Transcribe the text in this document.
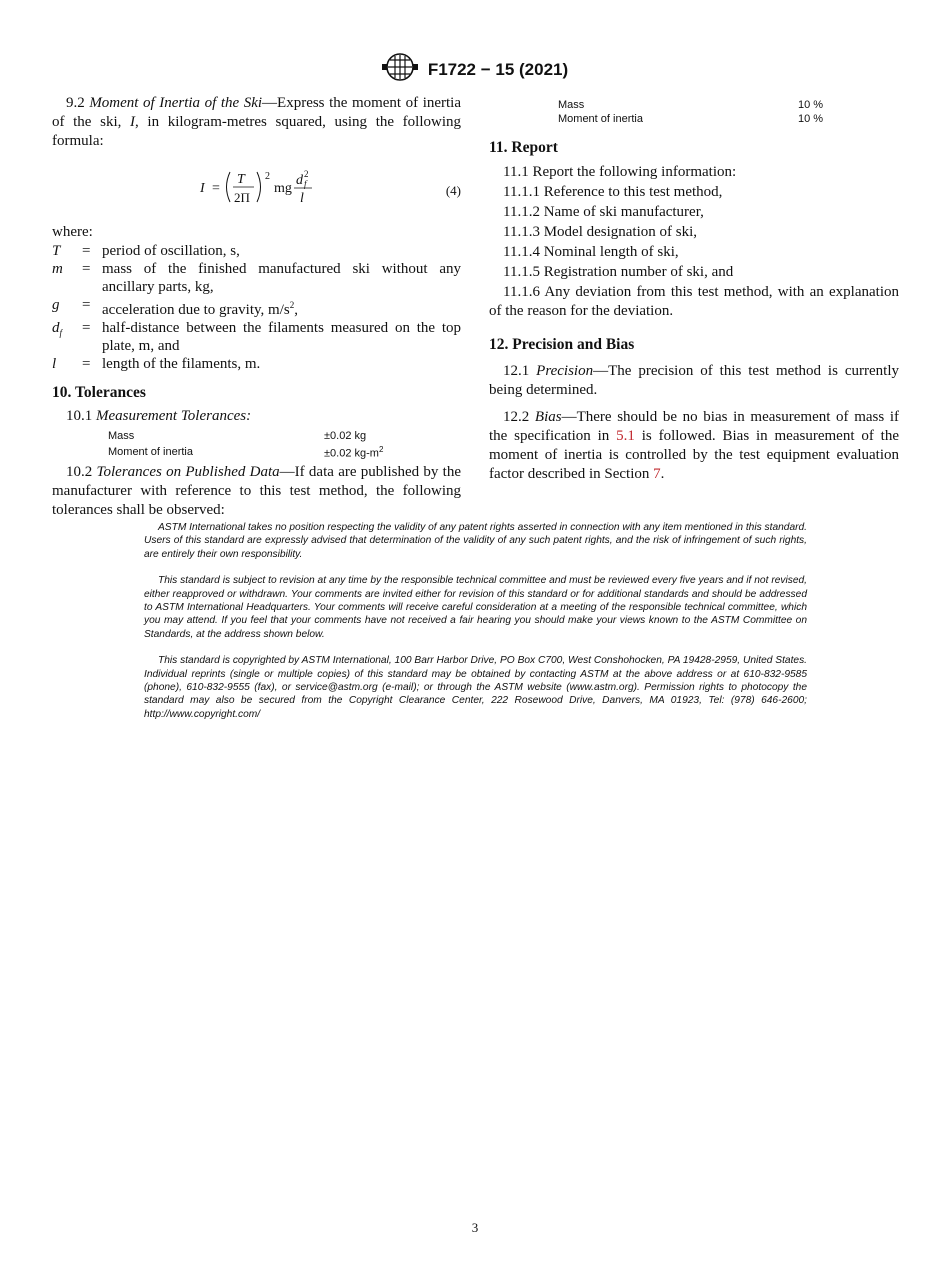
F1722 − 15 (2021)

9.2 Moment of Inertia of the Ski—Express the moment of inertia of the ski, I, in kilogram-metres squared, using the following formula:

I =
T
2Π
2
mg
d f
2
l
(4)
where:
T	=	period of oscillation, s,
m	=	mass of the finished manufactured ski without any ancillary parts, kg,
g	=	acceleration due to gravity, $m/s^2$,
$d_f$	=	half-distance between the filaments measured on the top plate, m, and
l	=	length of the filaments, m.

10. Tolerances

10.1 Measurement Tolerances:

Mass	±0.02 kg
Moment of inertia	±0.02 $kg-m^2$

10.2 Tolerances on Published Data—If data are published by the manufacturer with reference to this test method, the following tolerances shall be observed:

Mass	10 %
Moment of inertia	10 %

11. Report

11.1 Report the following information:

11.1.1 Reference to this test method,

11.1.2 Name of ski manufacturer,

11.1.3 Model designation of ski,

11.1.4 Nominal length of ski,

11.1.5 Registration number of ski, and

11.1.6 Any deviation from this test method, with an explanation of the reason for the deviation.

12. Precision and Bias

12.1 Precision—The precision of this test method is currently being determined.

12.2 Bias—There should be no bias in measurement of mass if the specification in 5.1 is followed. Bias in measurement of the moment of inertia is controlled by the test equipment evaluation factor described in Section 7.

ASTM International takes no position respecting the validity of any patent rights asserted in connection with any item mentioned in this standard. Users of this standard are expressly advised that determination of the validity of any such patent rights, and the risk of infringement of such rights, are entirely their own responsibility.

This standard is subject to revision at any time by the responsible technical committee and must be reviewed every five years and if not revised, either reapproved or withdrawn. Your comments are invited either for revision of this standard or for additional standards and should be addressed to ASTM International Headquarters. Your comments will receive careful consideration at a meeting of the responsible technical committee, which you may attend. If you feel that your comments have not received a fair hearing you should make your views known to the ASTM Committee on Standards, at the address shown below.

This standard is copyrighted by ASTM International, 100 Barr Harbor Drive, PO Box C700, West Conshohocken, PA 19428-2959, United States. Individual reprints (single or multiple copies) of this standard may be obtained by contacting ASTM at the above address or at 610-832-9585 (phone), 610-832-9555 (fax), or service@astm.org (e-mail); or through the ASTM website (www.astm.org). Permission rights to photocopy the standard may also be secured from the Copyright Clearance Center, 222 Rosewood Drive, Danvers, MA 01923, Tel: (978) 646-2600; http://www.copyright.com/

3
